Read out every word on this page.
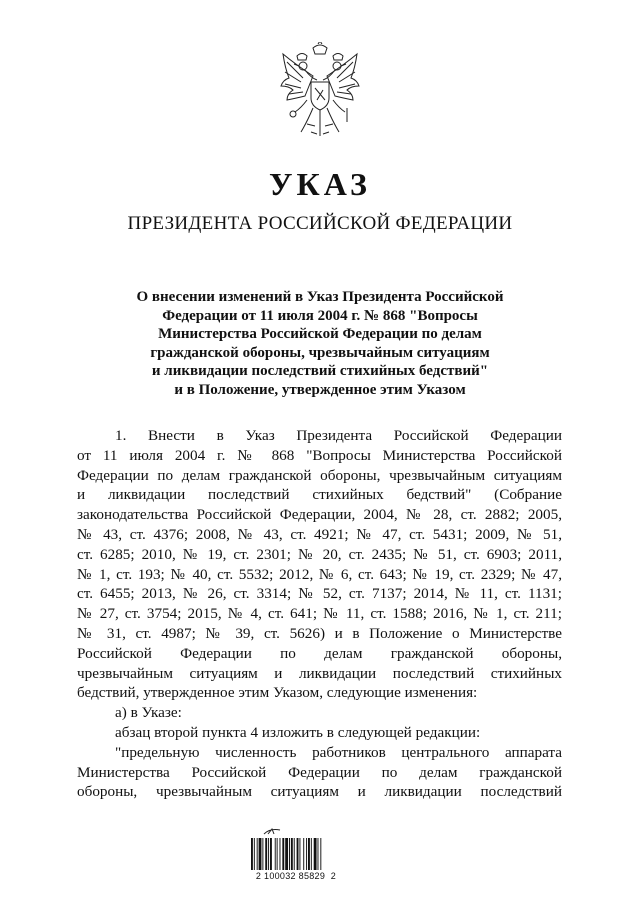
УКАЗ
ПРЕЗИДЕНТА РОССИЙСКОЙ ФЕДЕРАЦИИ
О внесении изменений в Указ Президента Российской
Федерации от 11 июля 2004 г. № 868 "Вопросы
Министерства Российской Федерации по делам
гражданской обороны, чрезвычайным ситуациям
и ликвидации последствий стихийных бедствий"
и в Положение, утвержденное этим Указом
1. Внести в Указ Президента Российской Федерации
от 11 июля 2004 г. № 868 "Вопросы Министерства Российской
Федерации по делам гражданской обороны, чрезвычайным ситуациям
и ликвидации последствий стихийных бедствий" (Собрание
законодательства Российской Федерации, 2004, № 28, ст. 2882; 2005,
№ 43, ст. 4376; 2008, № 43, ст. 4921; № 47, ст. 5431; 2009, № 51,
ст. 6285; 2010, № 19, ст. 2301; № 20, ст. 2435; № 51, ст. 6903; 2011,
№ 1, ст. 193; № 40, ст. 5532; 2012, № 6, ст. 643; № 19, ст. 2329; № 47,
ст. 6455; 2013, № 26, ст. 3314; № 52, ст. 7137; 2014, № 11, ст. 1131;
№ 27, ст. 3754; 2015, № 4, ст. 641; № 11, ст. 1588; 2016, № 1, ст. 211;
№ 31, ст. 4987; № 39, ст. 5626) и в Положение о Министерстве
Российской Федерации по делам гражданской обороны,
чрезвычайным ситуациям и ликвидации последствий стихийных
бедствий, утвержденное этим Указом, следующие изменения:
а) в Указе:
абзац второй пункта 4 изложить в следующей редакции:
"предельную численность работников центрального аппарата
Министерства Российской Федерации по делам гражданской
обороны, чрезвычайным ситуациям и ликвидации последствий
2 100032 85829  2
